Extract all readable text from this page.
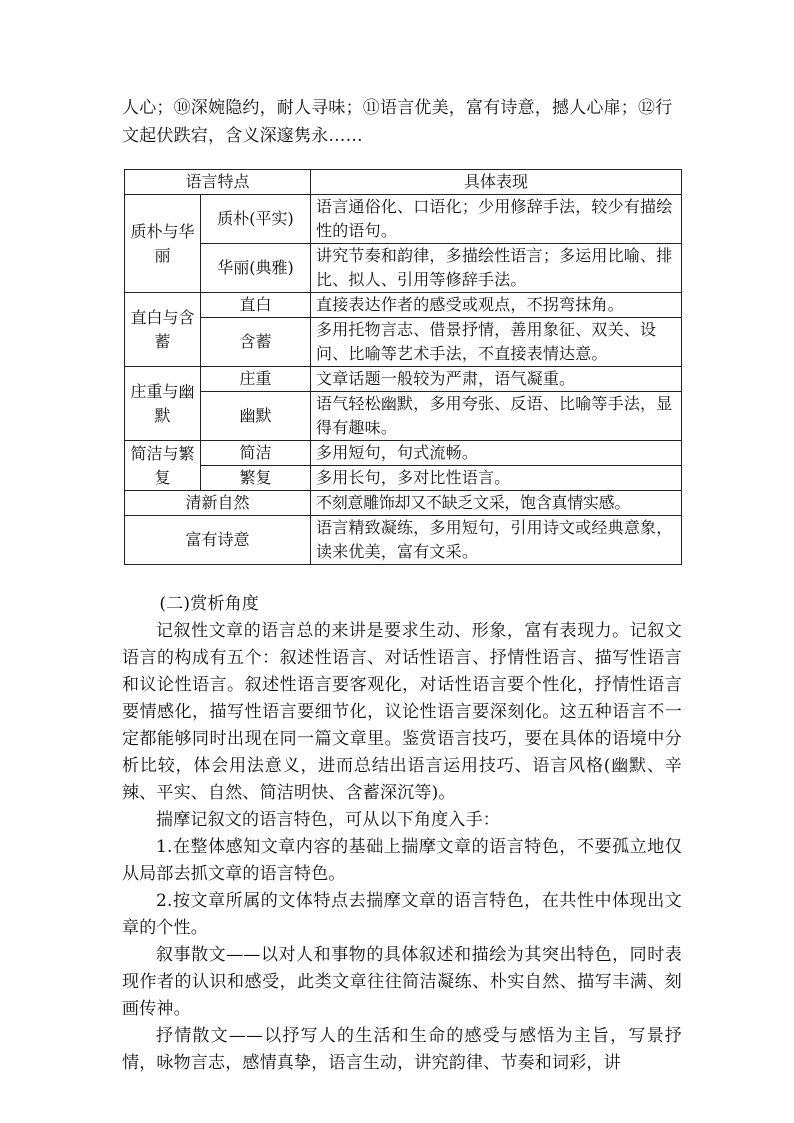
人心；⑩深婉隐约，耐人寻味；⑪语言优美，富有诗意，撼人心扉；⑫行文起伏跌宕，含义深邃隽永……
语言特点		具体表现
质朴与华丽	质朴(平实)	语言通俗化、口语化；少用修辞手法，较少有描绘性的语句。
	华丽(典雅)	讲究节奏和韵律，多描绘性语言；多运用比喻、排比、拟人、引用等修辞手法。
直白与含蓄	直白	直接表达作者的感受或观点，不拐弯抹角。
	含蓄	多用托物言志、借景抒情，善用象征、双关、设问、比喻等艺术手法，不直接表情达意。
庄重与幽默	庄重	文章话题一般较为严肃，语气凝重。
	幽默	语气轻松幽默，多用夸张、反语、比喻等手法，显得有趣味。
简洁与繁复	简洁	多用短句，句式流畅。
	繁复	多用长句，多对比性语言。
清新自然		不刻意雕饰却又不缺乏文采，饱含真情实感。
富有诗意		语言精致凝练，多用短句，引用诗文或经典意象，读来优美，富有文采。

(二)赏析角度

记叙性文章的语言总的来讲是要求生动、形象，富有表现力。记叙文语言的构成有五个：叙述性语言、对话性语言、抒情性语言、描写性语言和议论性语言。叙述性语言要客观化，对话性语言要个性化，抒情性语言要情感化，描写性语言要细节化，议论性语言要深刻化。这五种语言不一定都能够同时出现在同一篇文章里。鉴赏语言技巧，要在具体的语境中分析比较，体会用法意义，进而总结出语言运用技巧、语言风格(幽默、辛辣、平实、自然、简洁明快、含蓄深沉等)。

揣摩记叙文的语言特色，可从以下角度入手：

1.在整体感知文章内容的基础上揣摩文章的语言特色，不要孤立地仅从局部去抓文章的语言特色。

2.按文章所属的文体特点去揣摩文章的语言特色，在共性中体现出文章的个性。

叙事散文——以对人和事物的具体叙述和描绘为其突出特色，同时表现作者的认识和感受，此类文章往往简洁凝练、朴实自然、描写丰满、刻画传神。

抒情散文——以抒写人的生活和生命的感受与感悟为主旨，写景抒情，咏物言志，感情真挚，语言生动，讲究韵律、节奏和词彩，讲
